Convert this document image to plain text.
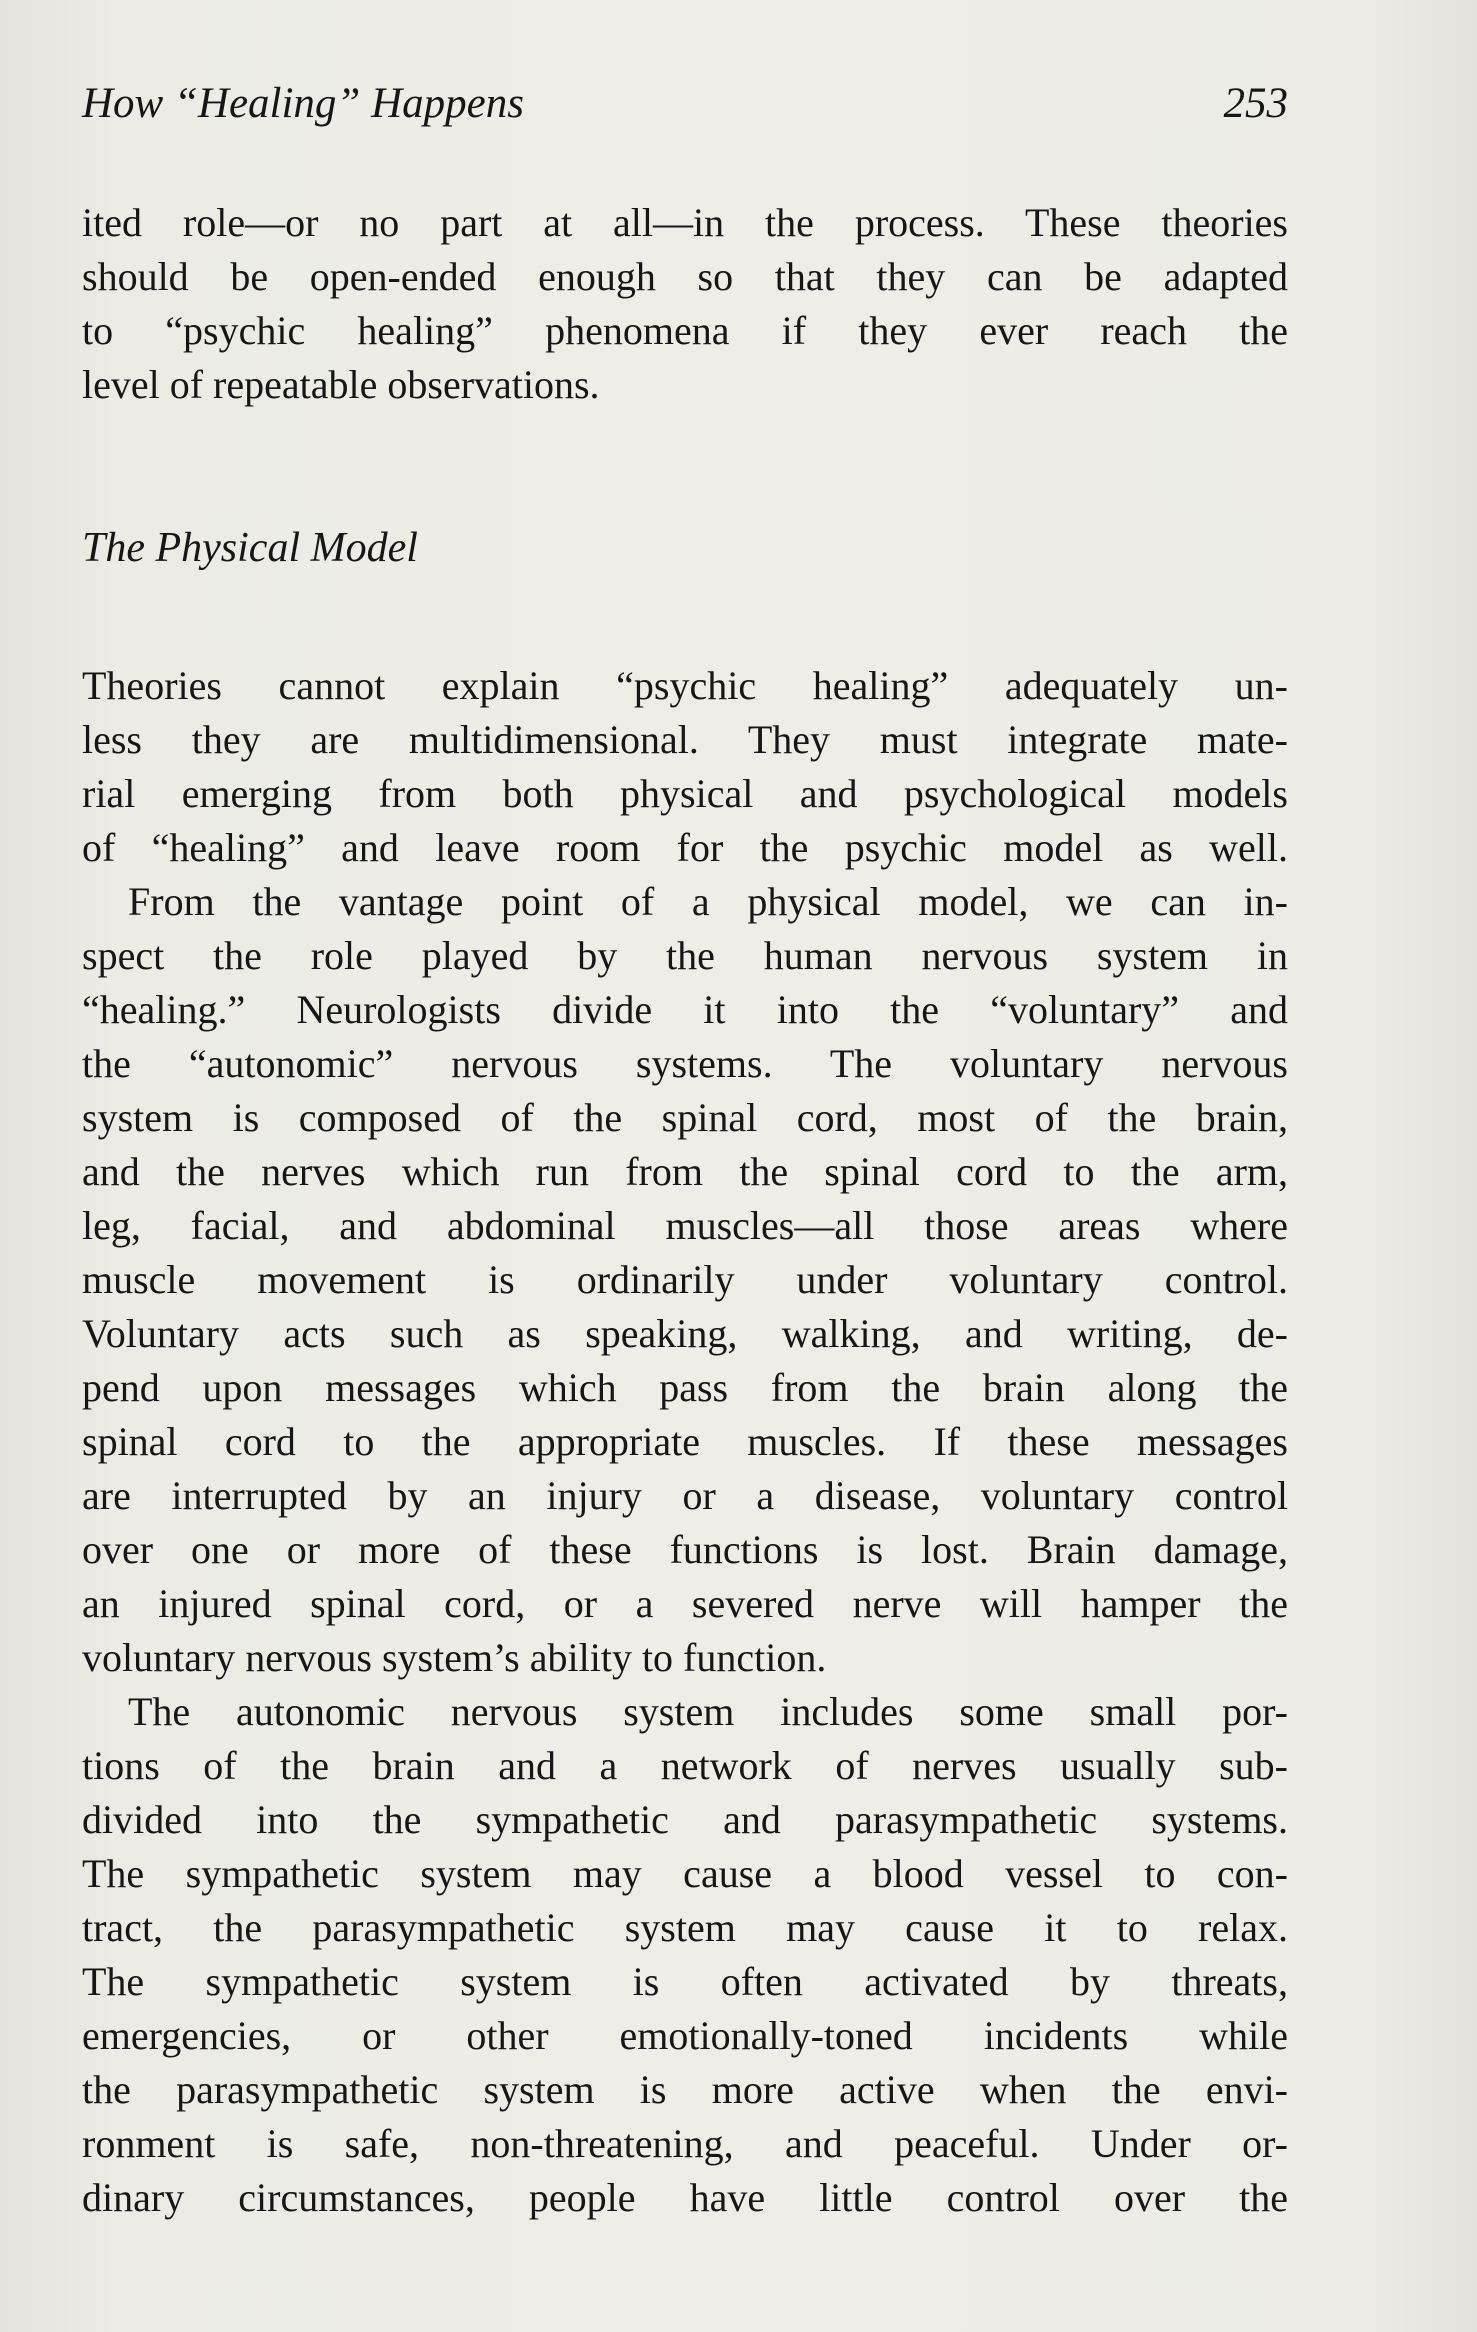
How “Healing” Happens	253
ited role—or no part at all—in the process. These theories
should be open-ended enough so that they can be adapted
to “psychic healing” phenomena if they ever reach the
level of repeatable observations.
The Physical Model
Theories cannot explain “psychic healing” adequately un-
less they are multidimensional. They must integrate mate-
rial emerging from both physical and psychological models
of “healing” and leave room for the psychic model as well.
From the vantage point of a physical model, we can in-
spect the role played by the human nervous system in
“healing.” Neurologists divide it into the “voluntary” and
the “autonomic” nervous systems. The voluntary nervous
system is composed of the spinal cord, most of the brain,
and the nerves which run from the spinal cord to the arm,
leg, facial, and abdominal muscles—all those areas where
muscle movement is ordinarily under voluntary control.
Voluntary acts such as speaking, walking, and writing, de-
pend upon messages which pass from the brain along the
spinal cord to the appropriate muscles. If these messages
are interrupted by an injury or a disease, voluntary control
over one or more of these functions is lost. Brain damage,
an injured spinal cord, or a severed nerve will hamper the
voluntary nervous system’s ability to function.
The autonomic nervous system includes some small por-
tions of the brain and a network of nerves usually sub-
divided into the sympathetic and parasympathetic systems.
The sympathetic system may cause a blood vessel to con-
tract, the parasympathetic system may cause it to relax.
The sympathetic system is often activated by threats,
emergencies, or other emotionally-toned incidents while
the parasympathetic system is more active when the envi-
ronment is safe, non-threatening, and peaceful. Under or-
dinary circumstances, people have little control over the
